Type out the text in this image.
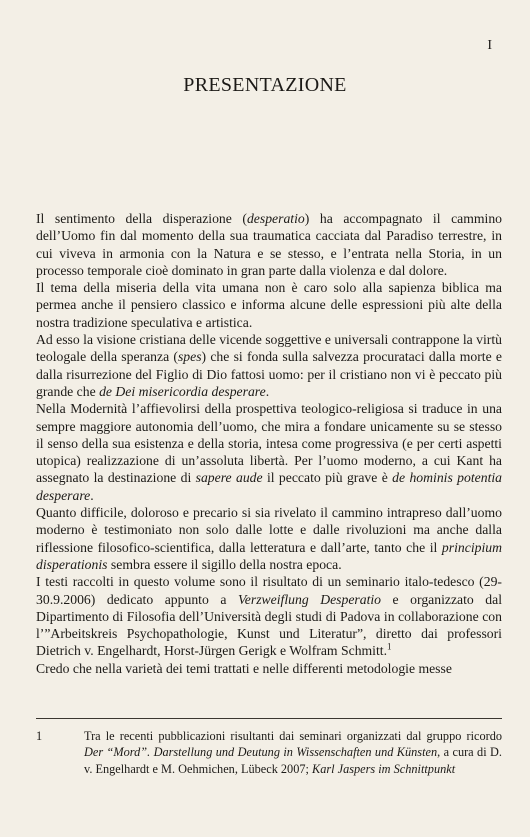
I
PRESENTAZIONE

Il sentimento della disperazione (desperatio) ha accompagnato il cammino dell’Uomo fin dal momento della sua traumatica cacciata dal Paradiso terrestre, in cui viveva in armonia con la Natura e se stesso, e l’entrata nella Storia, in un processo temporale cioè dominato in gran parte dalla violenza e dal dolore.

Il tema della miseria della vita umana non è caro solo alla sapienza biblica ma permea anche il pensiero classico e informa alcune delle espressioni più alte della nostra tradizione speculativa e artistica.

Ad esso la visione cristiana delle vicende soggettive e universali contrappone la virtù teologale della speranza (spes) che si fonda sulla salvezza procurataci dalla morte e dalla risurrezione del Figlio di Dio fattosi uomo: per il cristiano non vi è peccato più grande che de Dei misericordia desperare.

Nella Modernità l’affievolirsi della prospettiva teologico-religiosa si traduce in una sempre maggiore autonomia dell’uomo, che mira a fondare unicamente su se stesso il senso della sua esistenza e della storia, intesa come progressiva (e per certi aspetti utopica) realizzazione di un’assoluta libertà. Per l’uomo moderno, a cui Kant ha assegnato la destinazione di sapere aude il peccato più grave è de hominis potentia desperare.

Quanto difficile, doloroso e precario si sia rivelato il cammino intrapreso dall’uomo moderno è testimoniato non solo dalle lotte e dalle rivoluzioni ma anche dalla riflessione filosofico-scientifica, dalla letteratura e dall’arte, tanto che il principium disperationis sembra essere il sigillo della nostra epoca.

I testi raccolti in questo volume sono il risultato di un seminario italo-tedesco (29-30.9.2006) dedicato appunto a Verzweiflung Desperatio e organizzato dal Dipartimento di Filosofia dell’Università degli studi di Padova in collaborazione con l’”Arbeitskreis Psychopathologie, Kunst und Literatur”, diretto dai professori Dietrich v. Engelhardt, Horst-Jürgen Gerigk e Wolfram Schmitt.$^1$

Credo che nella varietà dei temi trattati e nelle differenti metodologie messe

1	Tra le recenti pubblicazioni risultanti dai seminari organizzati dal gruppo ricordo Der “Mord”. Darstellung und Deutung in Wissenschaften und Künsten, a cura di D. v. Engelhardt e M. Oehmichen, Lübeck 2007; Karl Jaspers im Schnittpunkt
